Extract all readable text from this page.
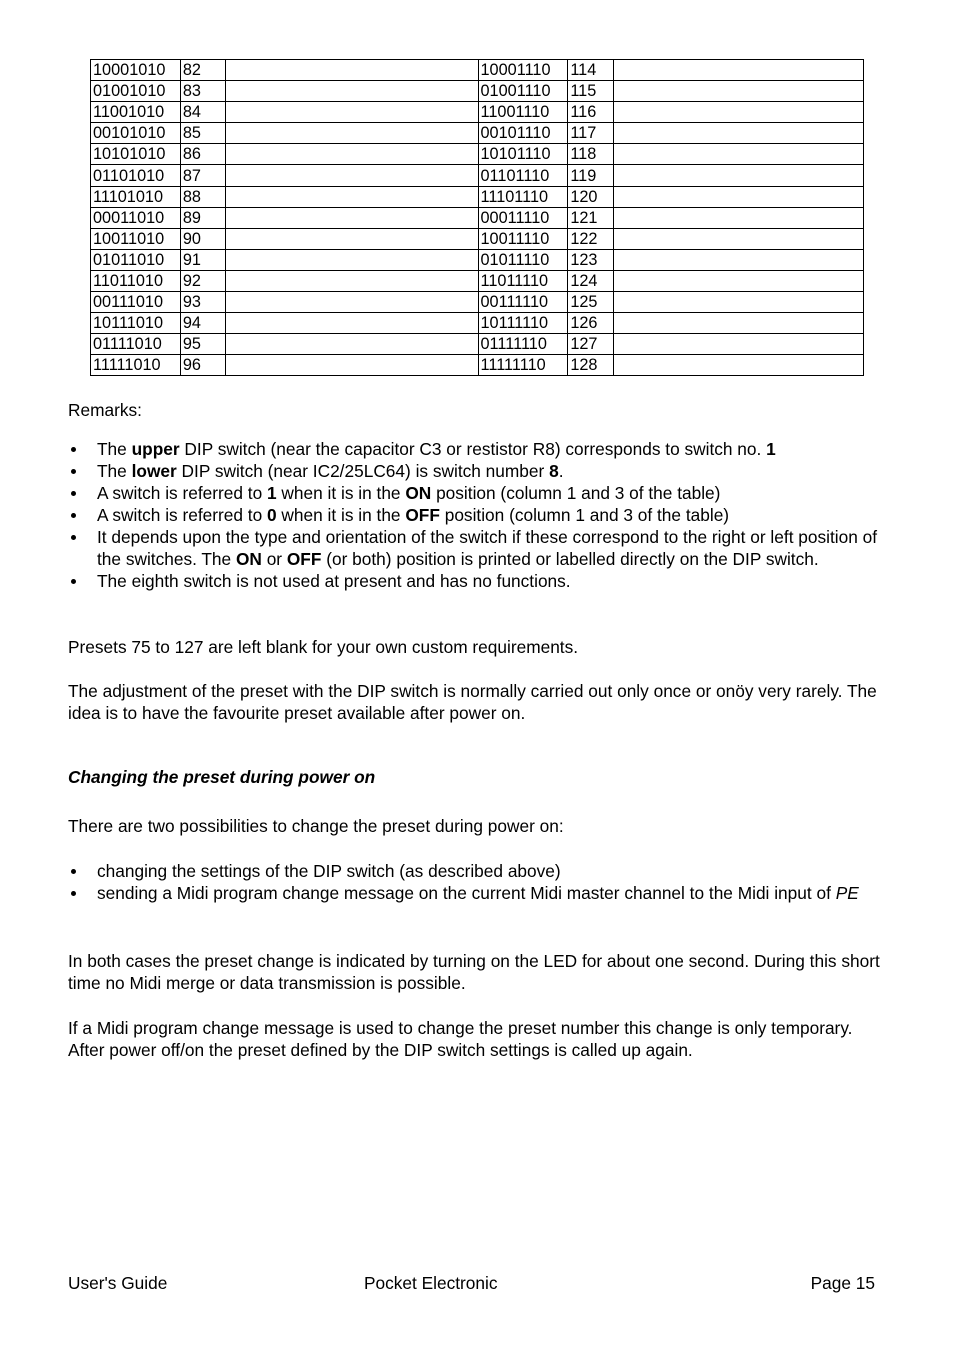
10001010	82		10001110	114	
01001010	83		01001110	115	
11001010	84		11001110	116	
00101010	85		00101110	117	
10101010	86		10101110	118	
01101010	87		01101110	119	
11101010	88		11101110	120	
00011010	89		00011110	121	
10011010	90		10011110	122	
01011010	91		01011110	123	
11011010	92		11011110	124	
00111010	93		00111110	125	
10111010	94		10111110	126	
01111010	95		01111110	127	
11111010	96		11111110	128	

Remarks:

The upper DIP switch (near the capacitor C3 or restistor R8) corresponds to switch no. 1
The lower DIP switch (near IC2/25LC64) is switch number 8.
A switch is referred to 1 when it is in the ON position (column 1 and 3 of the table)
A switch is referred to 0 when it is in the OFF position (column 1 and 3 of the table)
It depends upon the type and orientation of the switch if these correspond to the right or left position of the switches. The ON or OFF (or both) position is printed or labelled directly on the DIP switch.
The eighth switch is not used at present and has no functions.

Presets 75 to 127 are left blank for your own custom requirements.

The adjustment of the preset with the DIP switch is normally carried out only once or onöy very rarely. The idea is to have the favourite preset available after power on.

Changing the preset during power on

There are two possibilities to change the preset during power on:

changing the settings of the DIP switch (as described above)
sending a Midi program change message on the current Midi master channel to the Midi input of PE

In both cases the preset change is indicated by turning on the LED for about one second. During this short time no Midi merge or data transmission is possible.

If a Midi program change message is used to change the preset number this change is only temporary. After power off/on the preset defined by the DIP switch settings is called up again.

User's Guide	Pocket Electronic	Page 15
